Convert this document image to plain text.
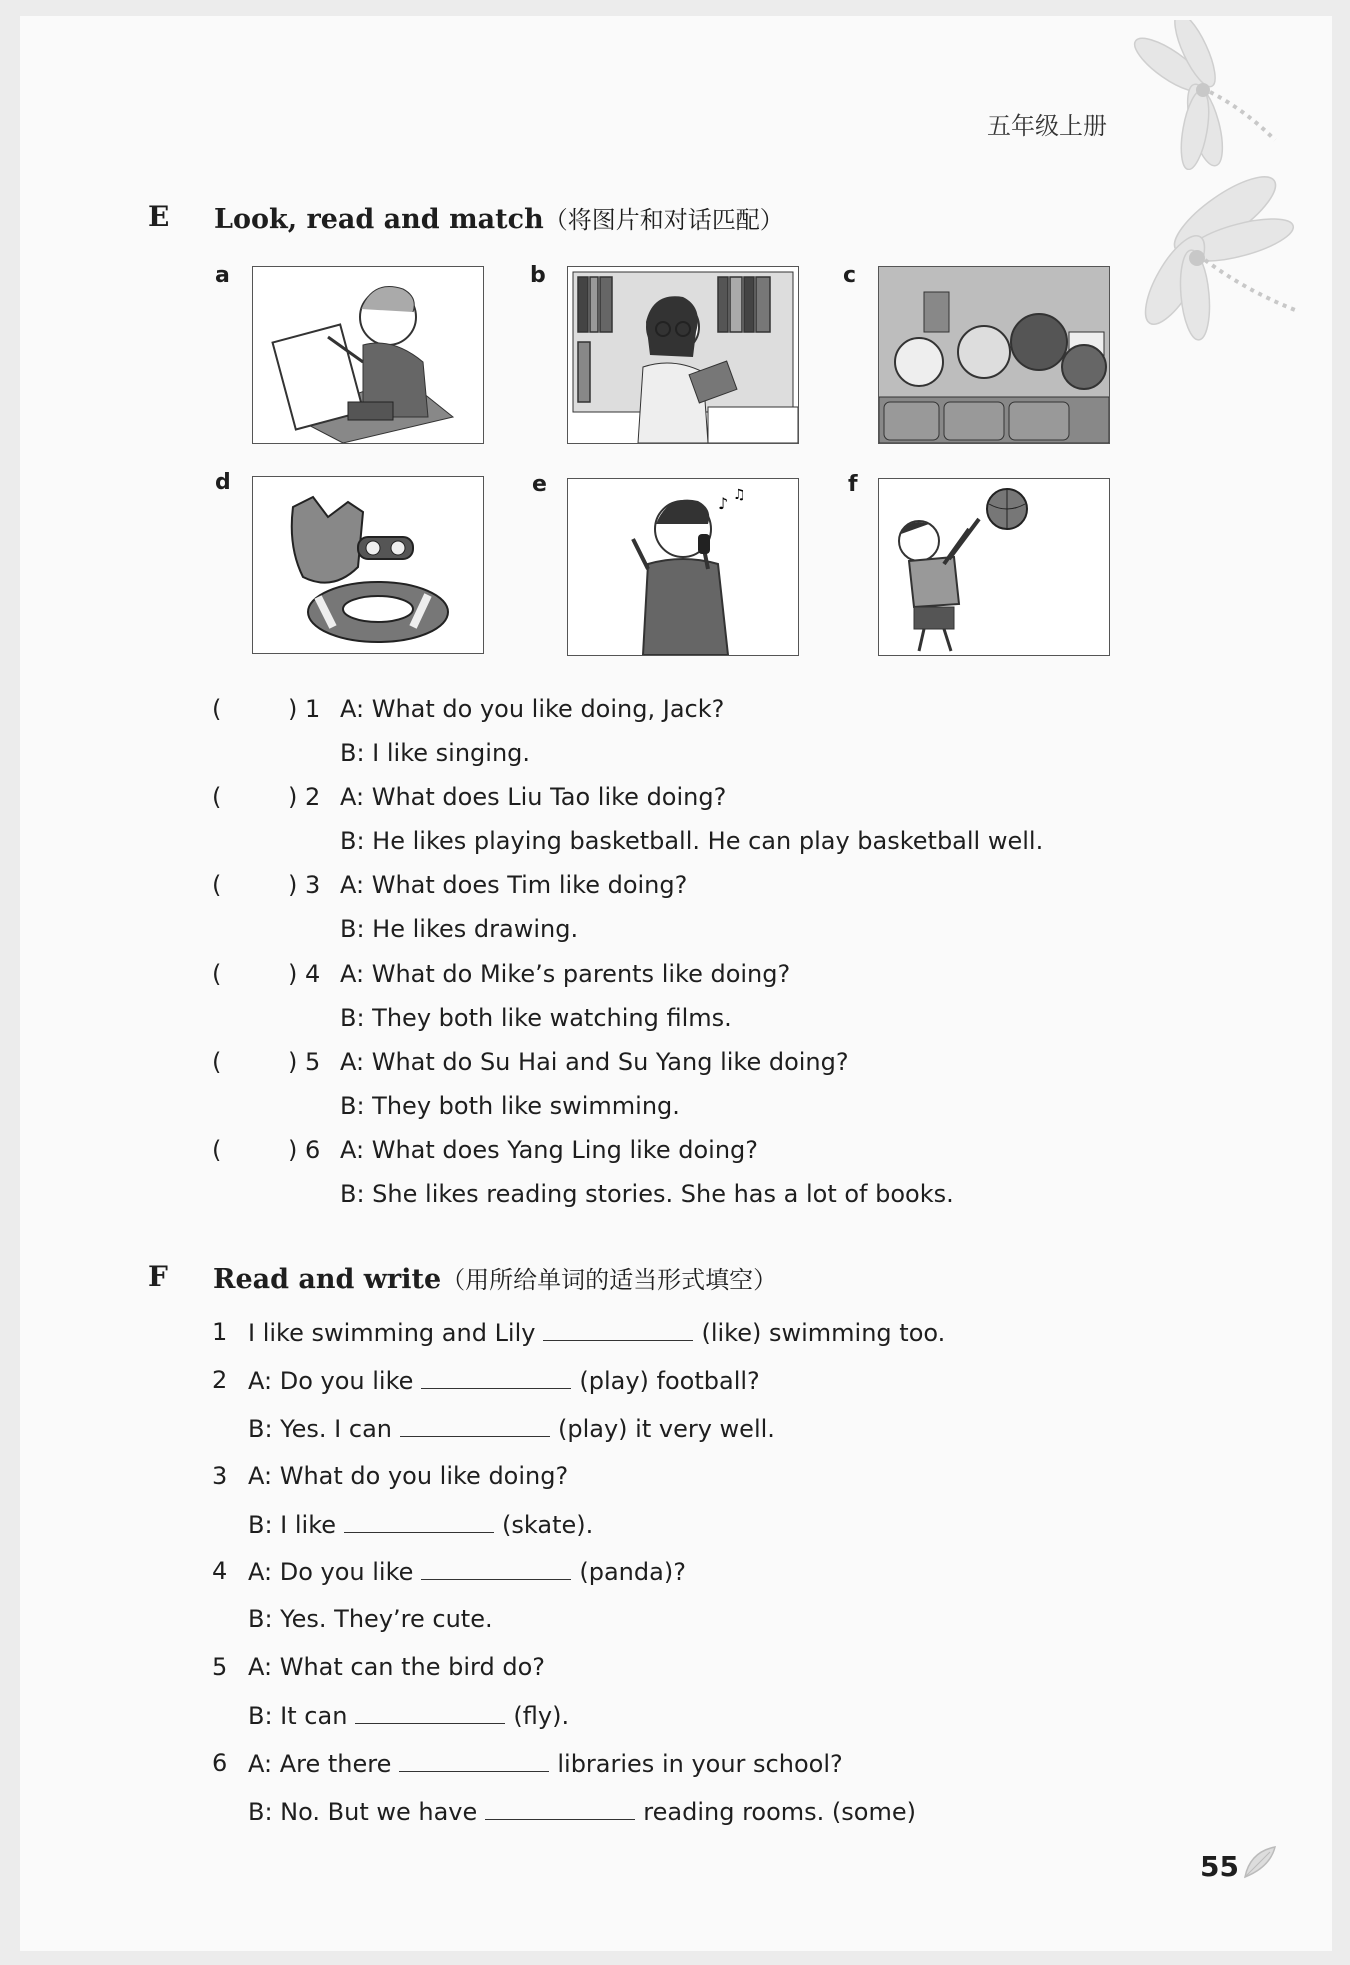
五年级上册
E Look, read and match（将图片和对话匹配）
a	b	c
d	e	f
♪ ♫
(	) 1 A: What do you like doing, Jack?
B: I like singing.
(	) 2 A: What does Liu Tao like doing?
B: He likes playing basketball. He can play basketball well.
(	) 3 A: What does Tim like doing?
B: He likes drawing.
(	) 4 A: What do Mike’s parents like doing?
B: They both like watching films.
(	) 5 A: What do Su Hai and Su Yang like doing?
B: They both like swimming.
(	) 6 A: What does Yang Ling like doing?
B: She likes reading stories. She has a lot of books.
F Read and write（用所给单词的适当形式填空）
1 I like swimming and Lily	(like) swimming too.
2 A: Do you like	(play) football?
B: Yes. I can	(play) it very well.
3 A: What do you like doing?
B: I like	(skate).
4 A: Do you like	(panda)?
B: Yes. They’re cute.
5 A: What can the bird do?
B: It can	(fly).
6 A: Are there	libraries in your school?
B: No. But we have	reading rooms. (some)
55
